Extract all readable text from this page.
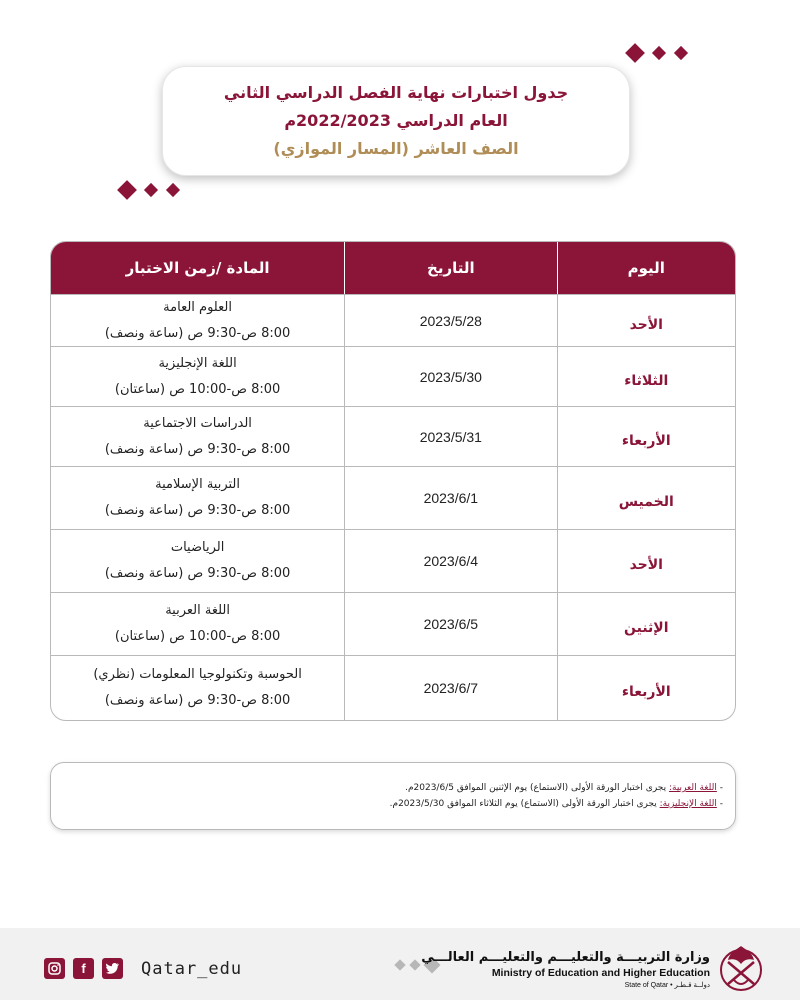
جدول اختبارات نهاية الفصل الدراسي الثاني
العام الدراسي 2022/2023م
الصف العاشر (المسار الموازي)
اليوم
التاريخ
المادة /زمن الاختبار
الأحد
2023/5/28
العلوم العامة
8:00 ص-9:30 ص (ساعة ونصف)
الثلاثاء
2023/5/30
اللغة الإنجليزية
8:00 ص-10:00 ص (ساعتان)
الأربعاء
2023/5/31
الدراسات الاجتماعية
8:00 ص-9:30 ص (ساعة ونصف)
الخميس
2023/6/1
التربية الإسلامية
8:00 ص-9:30 ص (ساعة ونصف)
الأحد
2023/6/4
الرياضيات
8:00 ص-9:30 ص (ساعة ونصف)
الإثنين
2023/6/5
اللغة العربية
8:00 ص-10:00 ص (ساعتان)
الأربعاء
2023/6/7
الحوسبة وتكنولوجيا المعلومات (نظري)
8:00 ص-9:30 ص (ساعة ونصف)
- اللغة العربية: يجرى اختبار الورقة الأولى (الاستماع) يوم الإثنين الموافق 2023/6/5م.
- اللغة الإنجليزية: يجرى اختبار الورقة الأولى (الاستماع) يوم الثلاثاء الموافق 2023/5/30م.
f	Qatar_edu
وزارة التربيـــة والتعليـــم والتعليـــم العالـــي
Ministry of Education and Higher Education
State of Qatar • دولــة قـطـر
